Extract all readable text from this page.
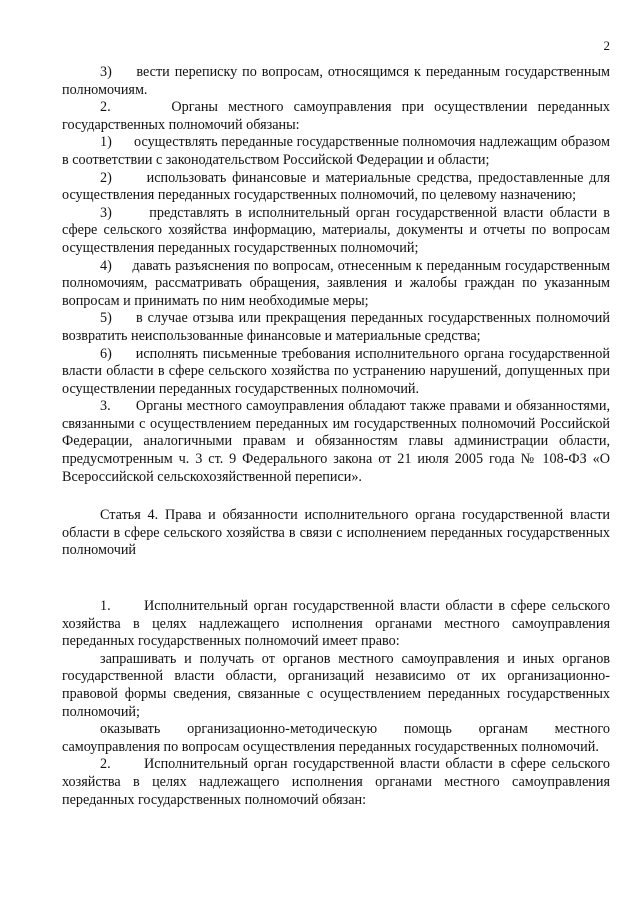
2

3)     вести переписку по вопросам, относящимся к переданным государственным полномочиям.

2.      Органы местного самоуправления при осуществлении переданных государственных полномочий обязаны:

1)      осуществлять переданные государственные полномочия надлежащим образом в соответствии с законодательством Российской Федерации и области;

2)      использовать финансовые и материальные средства, предоставленные для осуществления переданных государственных полномочий, по целевому назначению;

3)      представлять в исполнительный орган государственной власти области в сфере сельского хозяйства информацию, материалы, документы и отчеты по вопросам осуществления переданных государственных полномочий;

4)     давать разъяснения по вопросам, отнесенным к переданным государственным полномочиям, рассматривать обращения, заявления и жалобы граждан по указанным вопросам и принимать по ним необходимые меры;

5)     в случае отзыва или прекращения переданных государственных полномочий возвратить неиспользованные финансовые и материальные средства;

6)     исполнять письменные требования исполнительного органа государственной власти области в сфере сельского хозяйства по устранению нарушений, допущенных при осуществлении переданных государственных полномочий.

3.      Органы местного самоуправления обладают также правами и обязанностями, связанными с осуществлением переданных им государственных полномочий Российской Федерации, аналогичными правам и обязанностям главы администрации области, предусмотренным ч. 3 ст. 9 Федерального закона от 21 июля 2005 года № 108-ФЗ «О Всероссийской сельскохозяйственной переписи».

Статья 4. Права и обязанности исполнительного органа государственной власти области в сфере сельского хозяйства в связи с исполнением переданных государственных полномочий

1.      Исполнительный орган государственной власти области в сфере сельского хозяйства в целях надлежащего исполнения органами местного самоуправления переданных государственных полномочий имеет право:

запрашивать и получать от органов местного самоуправления и иных органов государственной власти области, организаций независимо от их организационно-правовой формы сведения, связанные с осуществлением переданных государственных полномочий;

оказывать организационно-методическую помощь органам местного самоуправления по вопросам осуществления переданных государственных полномочий.

2.      Исполнительный орган государственной власти области в сфере сельского хозяйства в целях надлежащего исполнения органами местного самоуправления переданных государственных полномочий обязан:
